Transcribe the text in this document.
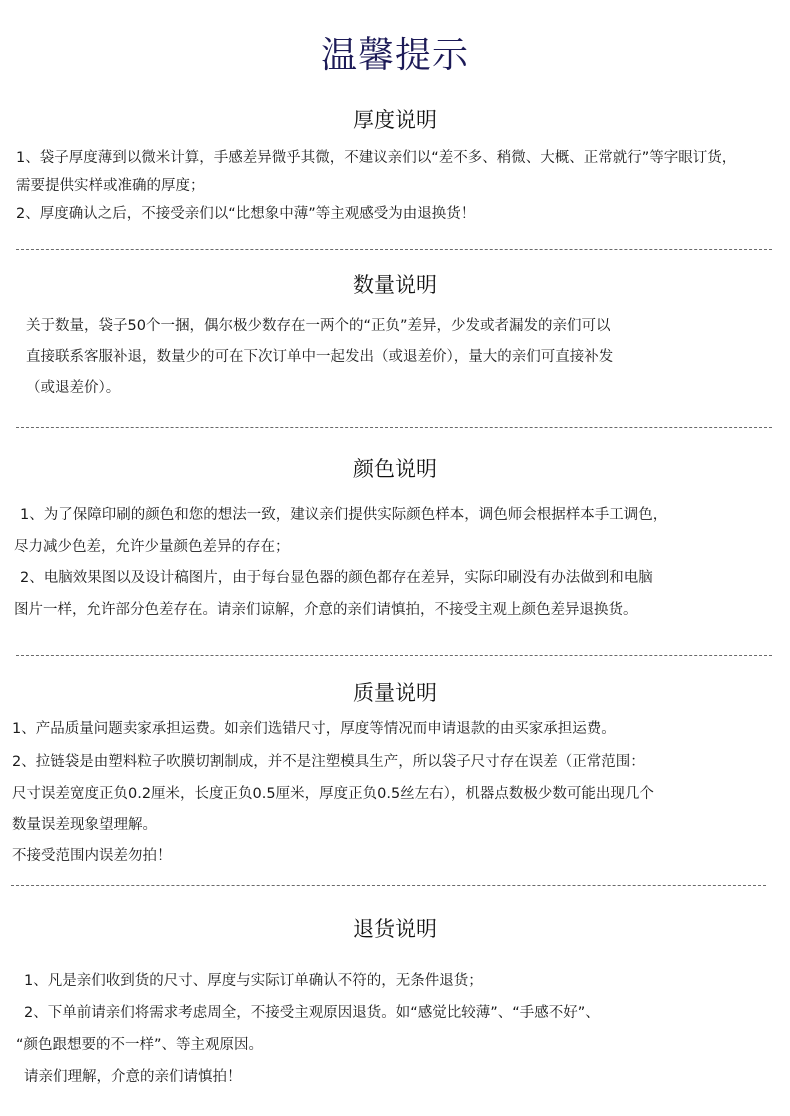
温馨提示
厚度说明
1、袋子厚度薄到以微米计算，手感差异微乎其微，不建议亲们以“差不多、稍微、大概、正常就行”等字眼订货，
需要提供实样或准确的厚度；
2、厚度确认之后，不接受亲们以“比想象中薄”等主观感受为由退换货！
数量说明
关于数量，袋子50个一捆，偶尔极少数存在一两个的“正负”差异，少发或者漏发的亲们可以
直接联系客服补退，数量少的可在下次订单中一起发出（或退差价），量大的亲们可直接补发
（或退差价）。
颜色说明
1、为了保障印刷的颜色和您的想法一致，建议亲们提供实际颜色样本，调色师会根据样本手工调色，
尽力减少色差，允许少量颜色差异的存在；
2、电脑效果图以及设计稿图片，由于每台显色器的颜色都存在差异，实际印刷没有办法做到和电脑
图片一样，允许部分色差存在。请亲们谅解，介意的亲们请慎拍，不接受主观上颜色差异退换货。
质量说明
1、产品质量问题卖家承担运费。如亲们选错尺寸，厚度等情况而申请退款的由买家承担运费。
2、拉链袋是由塑料粒子吹膜切割制成，并不是注塑模具生产，所以袋子尺寸存在误差（正常范围：
尺寸误差宽度正负0.2厘米，长度正负0.5厘米，厚度正负0.5丝左右），机器点数极少数可能出现几个
数量误差现象望理解。
不接受范围内误差勿拍！
退货说明
1、凡是亲们收到货的尺寸、厚度与实际订单确认不符的，无条件退货；
2、下单前请亲们将需求考虑周全，不接受主观原因退货。如“感觉比较薄”、“手感不好”、
“颜色跟想要的不一样”、等主观原因。
请亲们理解，介意的亲们请慎拍！
